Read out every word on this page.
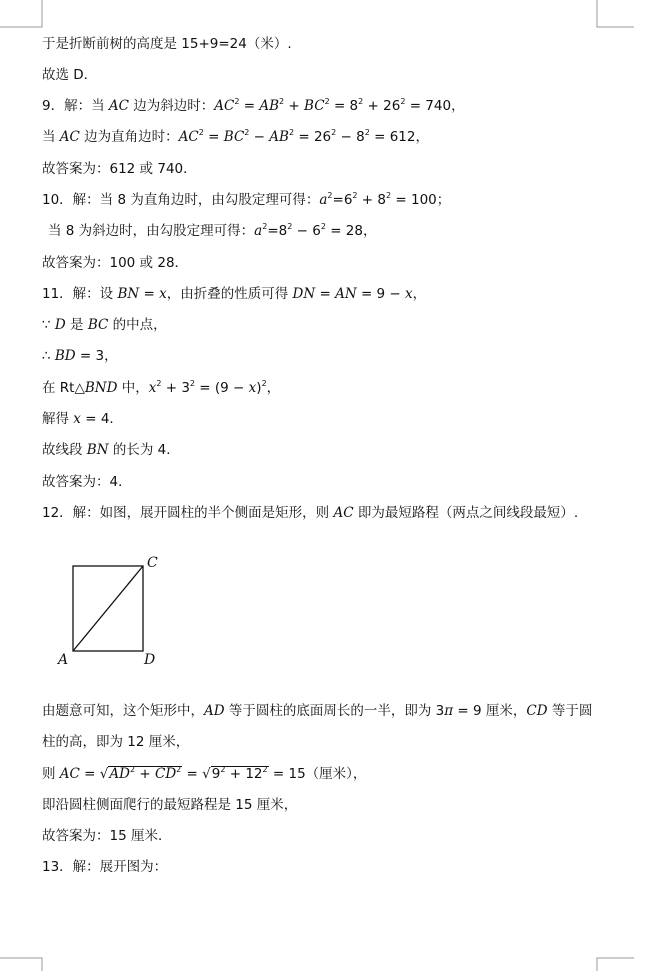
于是折断前树的高度是 15+9=24（米）.
故选 D．
9．解：当 AC 边为斜边时：$AC^2 = AB^2 + BC^2 = 8^2 + 26^2 = 740$，
当 AC 边为直角边时：$AC^2 = BC^2 - AB^2 = 26^2 - 8^2 = 612$，
故答案为：612 或 740．
10．解：当 8 为直角边时，由勾股定理可得：$a^2=6^2 + 8^2 = 100$；
当 8 为斜边时，由勾股定理可得：$a^2=8^2 - 6^2 = 28$，
故答案为：100 或 28．
11．解：设 BN = x，由折叠的性质可得 DN = AN = 9 − x，
∵ D 是 BC 的中点，
∴ BD = 3，
在 Rt△BND 中，$x^2 + 3^2 = (9 - x)^2$，
解得 x = 4．
故线段 BN 的长为 4．
故答案为：4．
12．解：如图，展开圆柱的半个侧面是矩形，则 AC 即为最短路程（两点之间线段最短）.
C
A	D
由题意可知，这个矩形中，AD 等于圆柱的底面周长的一半，即为 3π = 9 厘米，CD 等于圆
柱的高，即为 12 厘米，
则 AC = $√AD^2 + CD^2 = √9^2 + 12^2 = 15$（厘米），
即沿圆柱侧面爬行的最短路程是 15 厘米，
故答案为：15 厘米．
13．解：展开图为：
